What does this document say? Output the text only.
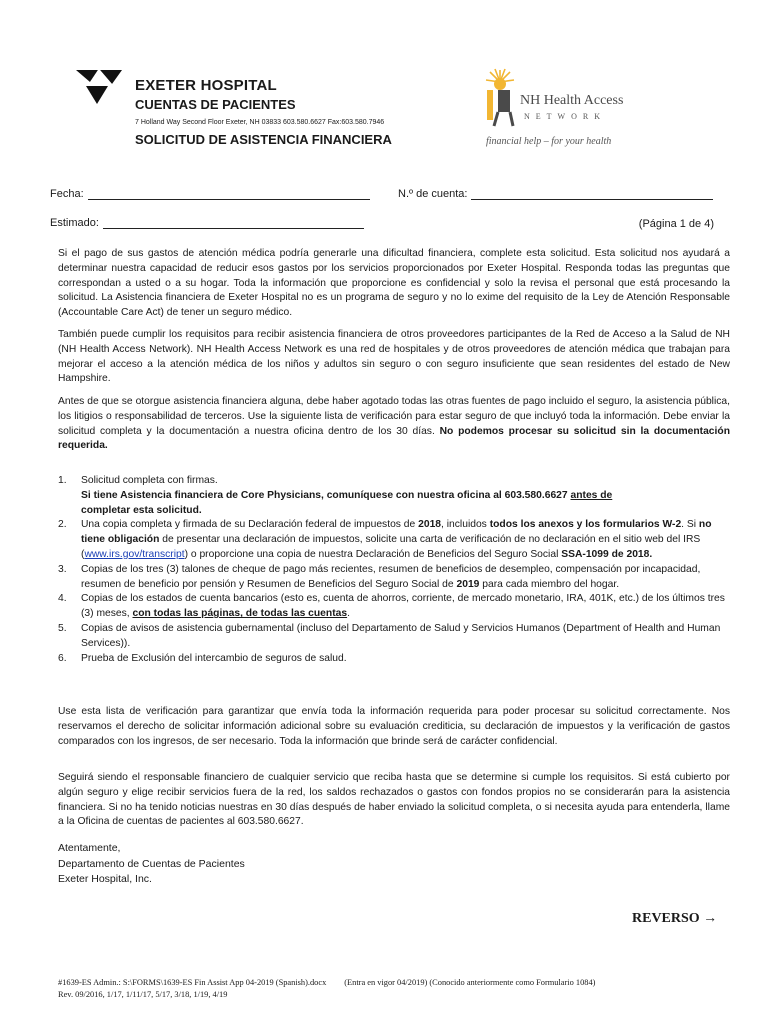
EXETER HOSPITAL
CUENTAS DE PACIENTES
7 Holland Way Second Floor Exeter, NH 03833 603.580.6627 Fax:603.580.7946
SOLICITUD DE ASISTENCIA FINANCIERA
NH Health Access
NETWORK
financial help – for your health
Fecha:	N.º de cuenta:
Estimado:	(Página 1 de 4)
Si el pago de sus gastos de atención médica podría generarle una dificultad financiera, complete esta solicitud. Esta solicitud nos ayudará a determinar nuestra capacidad de reducir esos gastos por los servicios proporcionados por Exeter Hospital. Responda todas las preguntas que correspondan a usted o a su hogar. Toda la información que proporcione es confidencial y solo la revisa el personal que está procesando la solicitud. La Asistencia financiera de Exeter Hospital no es un programa de seguro y no lo exime del requisito de la Ley de Atención Responsable (Accountable Care Act) de tener un seguro médico.
También puede cumplir los requisitos para recibir asistencia financiera de otros proveedores participantes de la Red de Acceso a la Salud de NH (NH Health Access Network). NH Health Access Network es una red de hospitales y de otros proveedores de atención médica que trabajan para mejorar el acceso a la atención médica de los niños y adultos sin seguro o con seguro insuficiente que sean residentes del estado de New Hampshire.
Antes de que se otorgue asistencia financiera alguna, debe haber agotado todas las otras fuentes de pago incluido el seguro, la asistencia pública, los litigios o responsabilidad de terceros. Use la siguiente lista de verificación para estar seguro de que incluyó toda la información. Debe enviar la solicitud completa y la documentación a nuestra oficina dentro de los 30 días. No podemos procesar su solicitud sin la documentación requerida.
1. Solicitud completa con firmas.
Si tiene Asistencia financiera de Core Physicians, comuníquese con nuestra oficina al 603.580.6627 antes de
completar esta solicitud.
2. Una copia completa y firmada de su Declaración federal de impuestos de 2018, incluidos todos los anexos y los formularios W-2. Si no tiene obligación de presentar una declaración de impuestos, solicite una carta de verificación de no declaración en el sitio web del IRS (www.irs.gov/transcript) o proporcione una copia de nuestra Declaración de Beneficios del Seguro Social SSA-1099 de 2018.
3. Copias de los tres (3) talones de cheque de pago más recientes, resumen de beneficios de desempleo, compensación por incapacidad, resumen de beneficio por pensión y Resumen de Beneficios del Seguro Social de 2019 para cada miembro del hogar.
4. Copias de los estados de cuenta bancarios (esto es, cuenta de ahorros, corriente, de mercado monetario, IRA, 401K, etc.) de los últimos tres (3) meses, con todas las páginas, de todas las cuentas.
5. Copias de avisos de asistencia gubernamental (incluso del Departamento de Salud y Servicios Humanos (Department of Health and Human Services)).
6. Prueba de Exclusión del intercambio de seguros de salud.
Use esta lista de verificación para garantizar que envía toda la información requerida para poder procesar su solicitud correctamente. Nos reservamos el derecho de solicitar información adicional sobre su evaluación crediticia, su declaración de impuestos y la verificación de gastos comparados con los ingresos, de ser necesario. Toda la información que brinde será de carácter confidencial.
Seguirá siendo el responsable financiero de cualquier servicio que reciba hasta que se determine si cumple los requisitos. Si está cubierto por algún seguro y elige recibir servicios fuera de la red, los saldos rechazados o gastos con fondos propios no se considerarán para la asistencia financiera. Si no ha tenido noticias nuestras en 30 días después de haber enviado la solicitud completa, o si necesita ayuda para entenderla, llame a la Oficina de cuentas de pacientes al 603.580.6627.
Atentamente,
Departamento de Cuentas de Pacientes
Exeter Hospital, Inc.
REVERSO →
#1639-ES Admin.: S:\FORMS\1639-ES Fin Assist App 04-2019 (Spanish).docx (Entra en vigor 04/2019) (Conocido anteriormente como Formulario 1084)
Rev. 09/2016, 1/17, 1/11/17, 5/17, 3/18, 1/19, 4/19
